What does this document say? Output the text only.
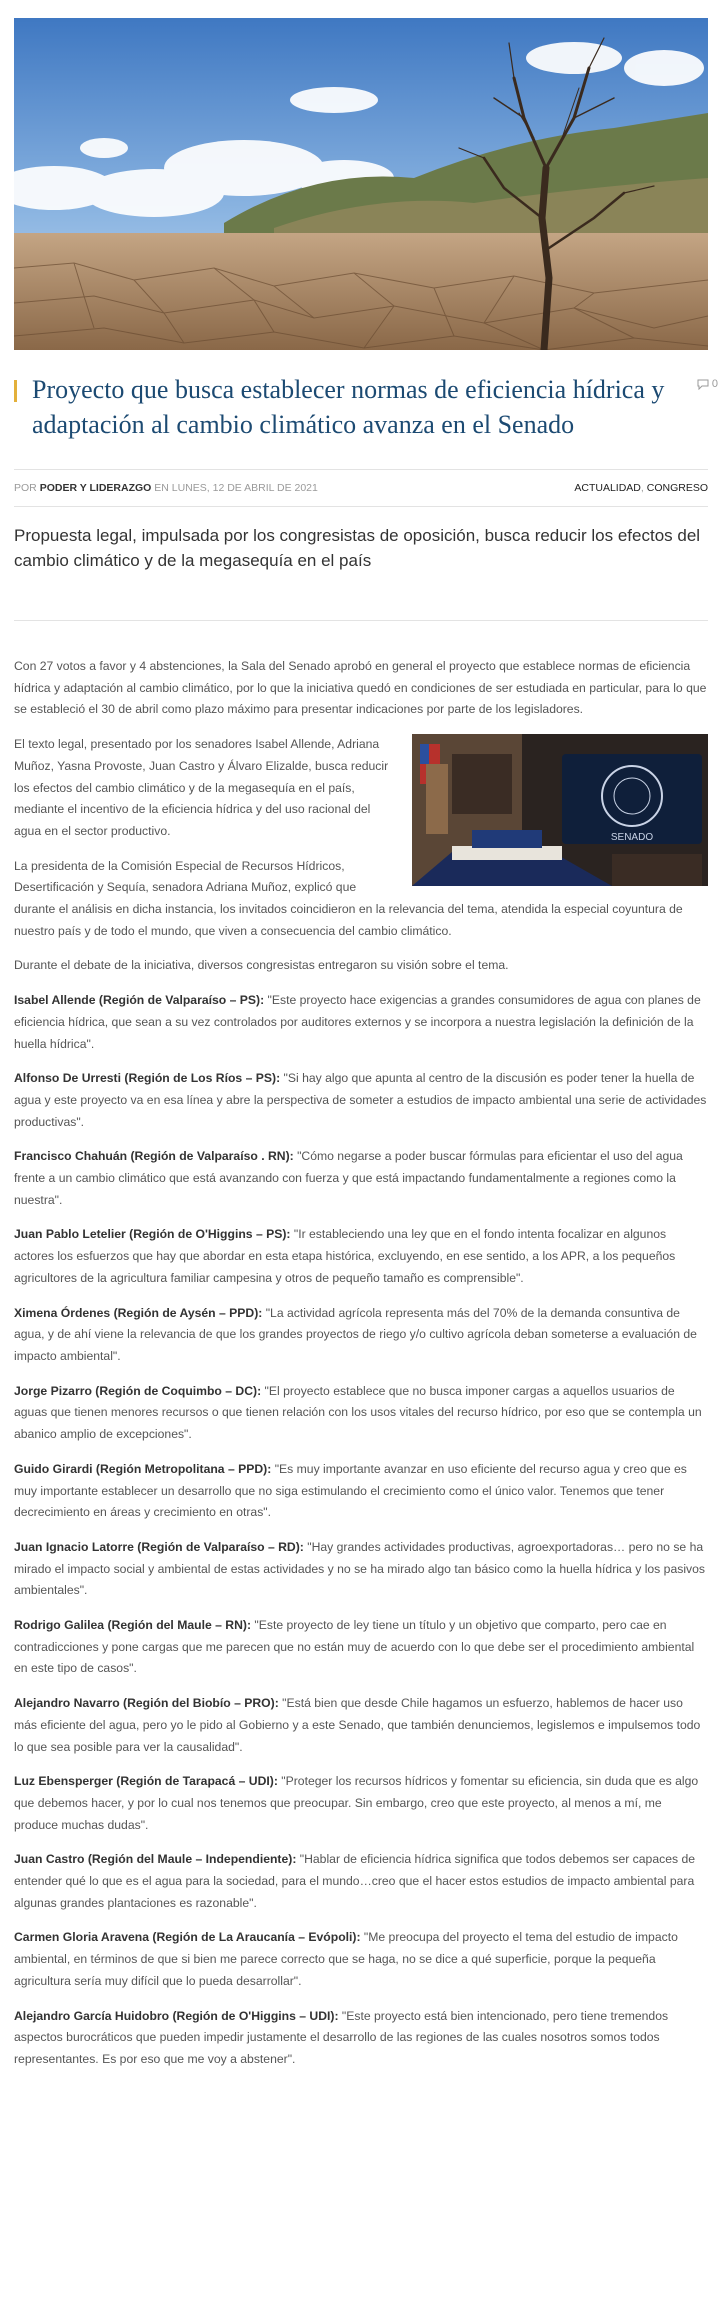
Proyecto que busca establecer normas de eficiencia hídrica y adaptación al cambio climático avanza en el Senado
0
POR PODER Y LIDERAZGO EN LUNES, 12 DE ABRIL DE 2021	ACTUALIDAD, CONGRESO
Propuesta legal, impulsada por los congresistas de oposición, busca reducir los efectos del cambio climático y de la megasequía en el país

Con 27 votos a favor y 4 abstenciones, la Sala del Senado aprobó en general el proyecto que establece normas de eficiencia hídrica y adaptación al cambio climático, por lo que la iniciativa quedó en condiciones de ser estudiada en particular, para lo que se estableció el 30 de abril como plazo máximo para presentar indicaciones por parte de los legisladores.

SENADO

El texto legal, presentado por los senadores Isabel Allende, Adriana Muñoz, Yasna Provoste, Juan Castro y Álvaro Elizalde, busca reducir los efectos del cambio climático y de la megasequía en el país, mediante el incentivo de la eficiencia hídrica y del uso racional del agua en el sector productivo.

La presidenta de la Comisión Especial de Recursos Hídricos, Desertificación y Sequía, senadora Adriana Muñoz, explicó que durante el análisis en dicha instancia, los invitados coincidieron en la relevancia del tema, atendida la especial coyuntura de nuestro país y de todo el mundo, que viven a consecuencia del cambio climático.

Durante el debate de la iniciativa, diversos congresistas entregaron su visión sobre el tema.

Isabel Allende (Región de Valparaíso – PS): "Este proyecto hace exigencias a grandes consumidores de agua con planes de eficiencia hídrica, que sean a su vez controlados por auditores externos y se incorpora a nuestra legislación la definición de la huella hídrica".

Alfonso De Urresti (Región de Los Ríos – PS): "Si hay algo que apunta al centro de la discusión es poder tener la huella de agua y este proyecto va en esa línea y abre la perspectiva de someter a estudios de impacto ambiental una serie de actividades productivas".

Francisco Chahuán (Región de Valparaíso . RN): "Cómo negarse a poder buscar fórmulas para eficientar el uso del agua frente a un cambio climático que está avanzando con fuerza y que está impactando fundamentalmente a regiones como la nuestra".

Juan Pablo Letelier (Región de O'Higgins – PS): "Ir estableciendo una ley que en el fondo intenta focalizar en algunos actores los esfuerzos que hay que abordar en esta etapa histórica, excluyendo, en ese sentido, a los APR, a los pequeños agricultores de la agricultura familiar campesina y otros de pequeño tamaño es comprensible".

Ximena Órdenes (Región de Aysén – PPD): "La actividad agrícola representa más del 70% de la demanda consuntiva de agua, y de ahí viene la relevancia de que los grandes proyectos de riego y/o cultivo agrícola deban someterse a evaluación de impacto ambiental".

Jorge Pizarro (Región de Coquimbo – DC): "El proyecto establece que no busca imponer cargas a aquellos usuarios de aguas que tienen menores recursos o que tienen relación con los usos vitales del recurso hídrico, por eso que se contempla un abanico amplio de excepciones".

Guido Girardi (Región Metropolitana – PPD): "Es muy importante avanzar en uso eficiente del recurso agua y creo que es muy importante establecer un desarrollo que no siga estimulando el crecimiento como el único valor. Tenemos que tener decrecimiento en áreas y crecimiento en otras".

Juan Ignacio Latorre (Región de Valparaíso – RD): "Hay grandes actividades productivas, agroexportadoras… pero no se ha mirado el impacto social y ambiental de estas actividades y no se ha mirado algo tan básico como la huella hídrica y los pasivos ambientales".

Rodrigo Galilea (Región del Maule – RN): "Este proyecto de ley tiene un título y un objetivo que comparto, pero cae en contradicciones y pone cargas que me parecen que no están muy de acuerdo con lo que debe ser el procedimiento ambiental en este tipo de casos".

Alejandro Navarro (Región del Biobío – PRO): "Está bien que desde Chile hagamos un esfuerzo, hablemos de hacer uso más eficiente del agua, pero yo le pido al Gobierno y a este Senado, que también denunciemos, legislemos e impulsemos todo lo que sea posible para ver la causalidad".

Luz Ebensperger (Región de Tarapacá – UDI): "Proteger los recursos hídricos y fomentar su eficiencia, sin duda que es algo que debemos hacer, y por lo cual nos tenemos que preocupar. Sin embargo, creo que este proyecto, al menos a mí, me produce muchas dudas".

Juan Castro (Región del Maule – Independiente): "Hablar de eficiencia hídrica significa que todos debemos ser capaces de entender qué lo que es el agua para la sociedad, para el mundo…creo que el hacer estos estudios de impacto ambiental para algunas grandes plantaciones es razonable".

Carmen Gloria Aravena (Región de La Araucanía – Evópoli): "Me preocupa del proyecto el tema del estudio de impacto ambiental, en términos de que si bien me parece correcto que se haga, no se dice a qué superficie, porque la pequeña agricultura sería muy difícil que lo pueda desarrollar".

Alejandro García Huidobro (Región de O'Higgins – UDI): "Este proyecto está bien intencionado, pero tiene tremendos aspectos burocráticos que pueden impedir justamente el desarrollo de las regiones de las cuales nosotros somos todos representantes. Es por eso que me voy a abstener".
